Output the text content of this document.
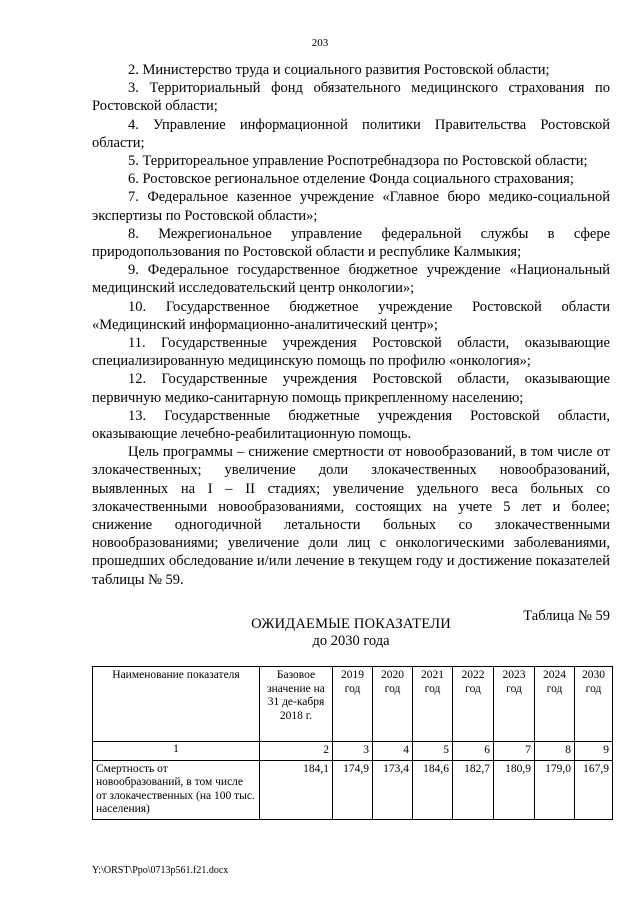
203

2. Министерство труда и социального развития Ростовской области;

3. Территориальный фонд обязательного медицинского страхования по Ростовской области;

4. Управление информационной политики Правительства Ростовской области;

5. Территореальное управление Роспотребнадзора по Ростовской области;

6. Ростовское региональное отделение Фонда социального страхования;

7. Федеральное казенное учреждение «Главное бюро медико-социальной экспертизы по Ростовской области»;

8. Межрегиональное управление федеральной службы в сфере природопользования по Ростовской области и республике Калмыкия;

9. Федеральное государственное бюджетное учреждение «Национальный медицинский исследовательский центр онкологии»;

10. Государственное бюджетное учреждение Ростовской области «Медицинский информационно-аналитический центр»;

11. Государственные учреждения Ростовской области, оказывающие специализированную медицинскую помощь по профилю «онкология»;

12. Государственные учреждения Ростовской области, оказывающие первичную медико-санитарную помощь прикрепленному населению;

13. Государственные бюджетные учреждения Ростовской области, оказывающие лечебно-реабилитационную помощь.

Цель программы – снижение смертности от новообразований, в том числе от злокачественных; увеличение доли злокачественных новообразований, выявленных на I – II стадиях; увеличение удельного веса больных со злокачественными новообразованиями, состоящих на учете 5 лет и более; снижение одногодичной летальности больных со злокачественными новообразованиями; увеличение доли лиц с онкологическими заболеваниями, прошедших обследование и/или лечение в текущем году и достижение показателей таблицы № 59.

Таблица № 59
ОЖИДАЕМЫЕ ПОКАЗАТЕЛИ
до 2030 года
Наименование показателя	Базовое значение на 31 де-кабря 2018 г.	2019 год	2020 год	2021 год	2022 год	2023 год	2024 год	2030 год
1	2	3	4	5	6	7	8	9
Смертность от новообразований, в том числе от злокачественных (на 100 тыс. населения)	184,1	174,9	173,4	184,6	182,7	180,9	179,0	167,9
Y:\ORST\Ppo\0713p561.f21.docx
